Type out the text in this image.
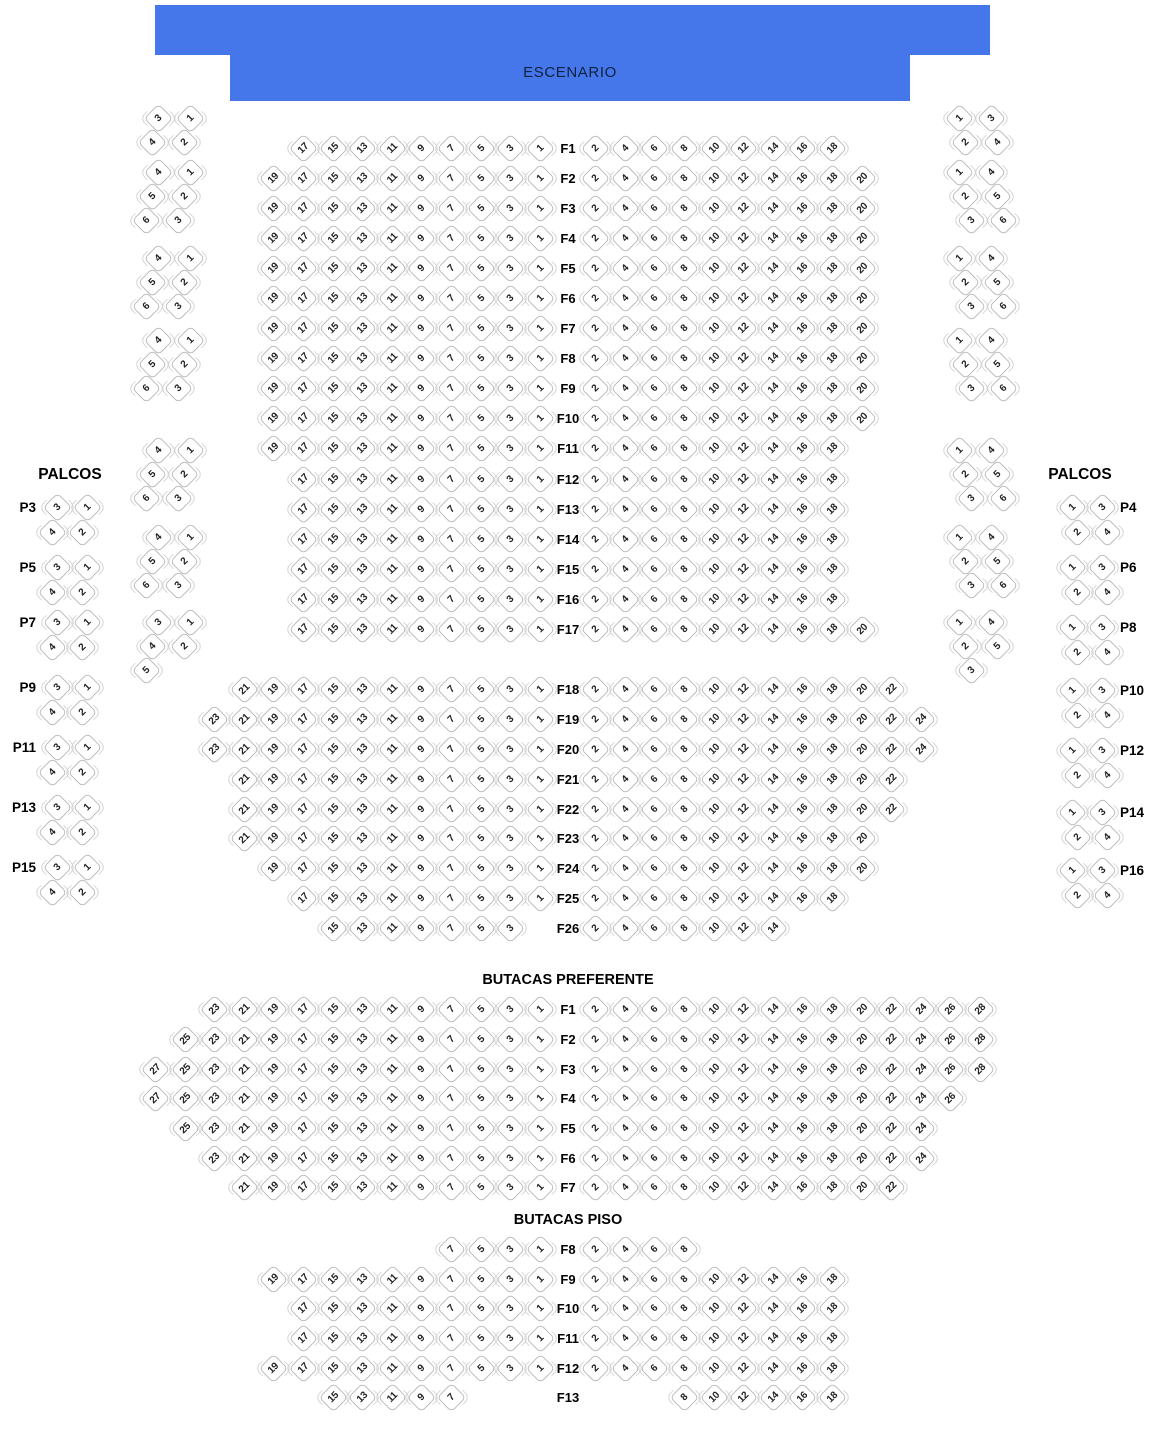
ESCENARIO
PALCOS	PALCOS
BUTACAS PREFERENTE
BUTACAS PISO
17 15 13 11 9 7 5 3 1	F1	2 4 6 8 10 12 14 16 18
19 17 15 13 11 9 7 5 3 1	F2	2 4 6 8 10 12 14 16 18 20
19 17 15 13 11 9 7 5 3 1	F3	2 4 6 8 10 12 14 16 18 20
19 17 15 13 11 9 7 5 3 1	F4	2 4 6 8 10 12 14 16 18 20
19 17 15 13 11 9 7 5 3 1	F5	2 4 6 8 10 12 14 16 18 20
19 17 15 13 11 9 7 5 3 1	F6	2 4 6 8 10 12 14 16 18 20
19 17 15 13 11 9 7 5 3 1	F7	2 4 6 8 10 12 14 16 18 20
19 17 15 13 11 9 7 5 3 1	F8	2 4 6 8 10 12 14 16 18 20
19 17 15 13 11 9 7 5 3 1	F9	2 4 6 8 10 12 14 16 18 20
19 17 15 13 11 9 7 5 3 1 F10 2 4 6 8 10 12 14 16 18 20
19 17 15 13 11 9 7 5 3 1 F11 2 4 6 8 10 12 14 16 18
17 15 13 11 9 7 5 3 1 F12 2 4 6 8 10 12 14 16 18
17 15 13 11 9 7 5 3 1 F13 2 4 6 8 10 12 14 16 18
17 15 13 11 9 7 5 3 1 F14 2 4 6 8 10 12 14 16 18
17 15 13 11 9 7 5 3 1 F15 2 4 6 8 10 12 14 16 18
17 15 13 11 9 7 5 3 1 F16 2 4 6 8 10 12 14 16 18
17 15 13 11 9 7 5 3 1 F17 2 4 6 8 10 12 14 16 18 20
21 19 17 15 13 11 9 7 5 3 1 F18 2 4 6 8 10 12 14 16 18 20 22
23 21 19 17 15 13 11 9 7 5 3 1 F19 2 4 6 8 10 12 14 16 18 20 22 24
23 21 19 17 15 13 11 9 7 5 3 1 F20 2 4 6 8 10 12 14 16 18 20 22 24
21 19 17 15 13 11 9 7 5 3 1 F21 2 4 6 8 10 12 14 16 18 20 22
21 19 17 15 13 11 9 7 5 3 1 F22 2 4 6 8 10 12 14 16 18 20 22
21 19 17 15 13 11 9 7 5 3 1 F23 2 4 6 8 10 12 14 16 18 20
19 17 15 13 11 9 7 5 3 1 F24 2 4 6 8 10 12 14 16 18 20
17 15 13 11 9 7 5 3 1 F25 2 4 6 8 10 12 14 16 18
15 13 11 9 7 5 3	F26 2 4 6 8 10 12 14
23 21 19 17 15 13 11 9 7 5 3 1	F1	2 4 6 8 10 12 14 16 18 20 22 24 26 28
25 23 21 19 17 15 13 11 9 7 5 3 1	F2	2 4 6 8 10 12 14 16 18 20 22 24 26 28
27 25 23 21 19 17 15 13 11 9 7 5 3 1	F3	2 4 6 8 10 12 14 16 18 20 22 24 26 28
27 25 23 21 19 17 15 13 11 9 7 5 3 1	F4	2 4 6 8 10 12 14 16 18 20 22 24 26
25 23 21 19 17 15 13 11 9 7 5 3 1	F5	2 4 6 8 10 12 14 16 18 20 22 24
23 21 19 17 15 13 11 9 7 5 3 1	F6	2 4 6 8 10 12 14 16 18 20 22 24
21 19 17 15 13 11 9 7 5 3 1	F7	2 4 6 8 10 12 14 16 18 20 22
7 5 3 1	F8	2 4 6 8
19 17 15 13 11 9 7 5 3 1	F9	2 4 6 8 10 12 14 16 18
17 15 13 11 9 7 5 3 1 F10 2 4 6 8 10 12 14 16 18
17 15 13 11 9 7 5 3 1 F11 2 4 6 8 10 12 14 16 18
19 17 15 13 11 9 7 5 3 1 F12 2 4 6 8 10 12 14 16 18
15 13 11 9 7	F13	8 10 12 14 16 18
3 1
4 2
4 1
5 2
6 3
4 1
5 2
6 3
4 1
5 2
6 3
4 1
5 2
6 3
4 1
5 2
6 3
3 1
4 2
5
1 3
2 4
1 4
2 5
3 6
1 4
2 5
3 6
1 4
2 5
3 6
1 4
2 5
3 6
1 4
2 5
3 6
1 4
2 5
3
P3 3 1
4 2
P5 3 1
4 2
P7 3 1
4 2
P9 3 1
4 2
P11 3 1
4 2
P13 3 1
4 2
P15 3 1
4 2
P4
1 3
2 4
P6
1 3
2 4
P8
1 3
2 4
P10
1 3
2 4
P12
1 3
2 4
P14
1 3
2 4
P16
1 3
2 4
